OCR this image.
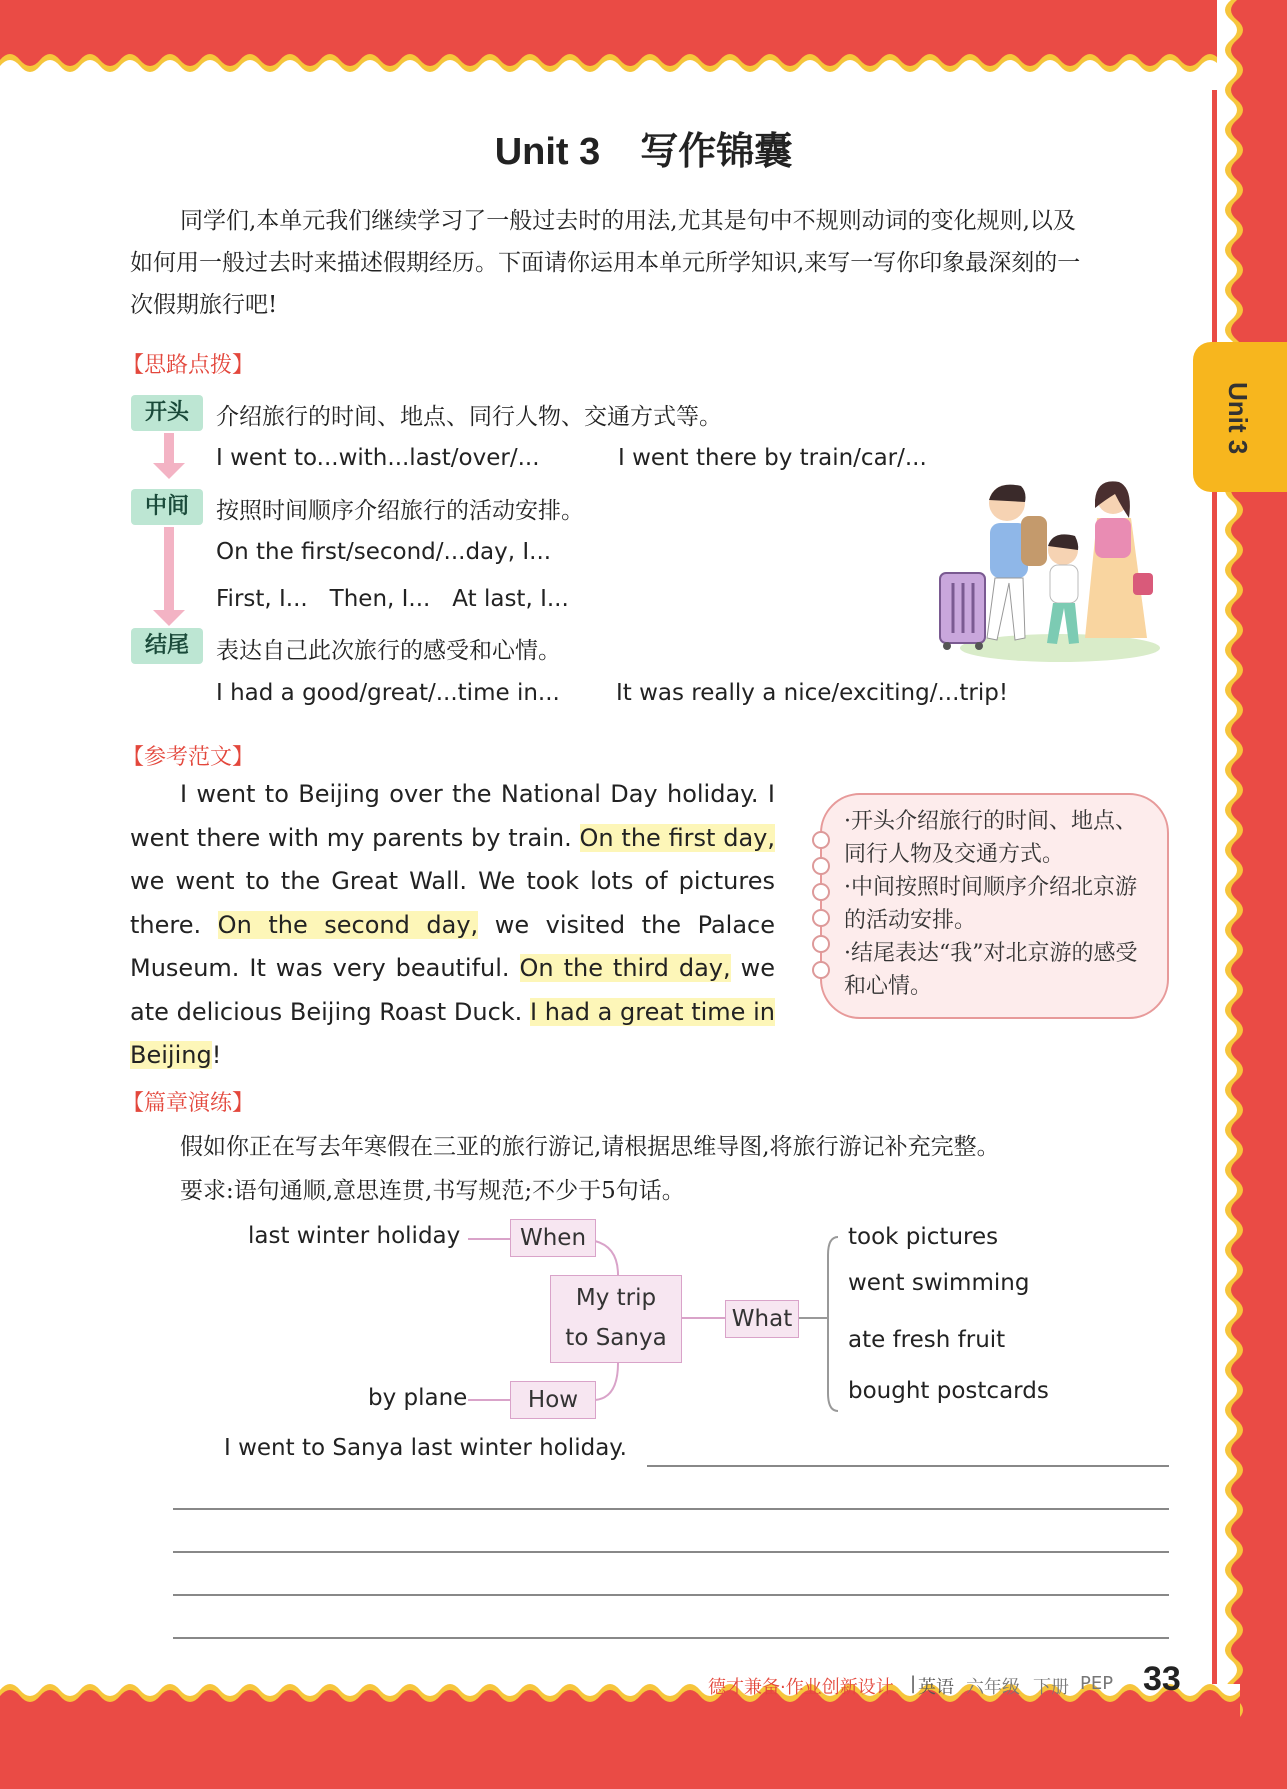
Unit 3
Unit 3 写作锦囊
同学们,本单元我们继续学习了一般过去时的用法,尤其是句中不规则动词的变化规则,以及
如何用一般过去时来描述假期经历。下面请你运用本单元所学知识,来写一写你印象最深刻的一
次假期旅行吧!
【思路点拨】
开头	介绍旅行的时间、地点、同行人物、交通方式等。
I went to...with...last/over/...	I went there by train/car/...
中间	按照时间顺序介绍旅行的活动安排。
On the first/second/...day, I...
First, I...   Then, I...   At last, I...
结尾	表达自己此次旅行的感受和心情。
I had a good/great/...time in... It was really a nice/exciting/...trip!
【参考范文】
I went to Beijing over the National Day holiday. I went there with my parents by train. On the first day, we went to the Great Wall. We took lots of pictures there. On the second day, we visited the Palace Museum. It was very beautiful. On the third day, we ate delicious Beijing Roast Duck. I had a great time in Beijing!
·开头介绍旅行的时间、地点、同行人物及交通方式。
·中间按照时间顺序介绍北京游的活动安排。
·结尾表达“我”对北京游的感受和心情。
【篇章演练】
假如你正在写去年寒假在三亚的旅行游记,请根据思维导图,将旅行游记补充完整。
要求:语句通顺,意思连贯,书写规范;不少于5句话。
last winter holiday	When
My trip
to Sanya
What
by plane	How
took pictures
went swimming
ate fresh fruit
bought postcards
I went to Sanya last winter holiday.
德才兼备·作业创新设计 | 英语 六年级 下册 PEP 33
